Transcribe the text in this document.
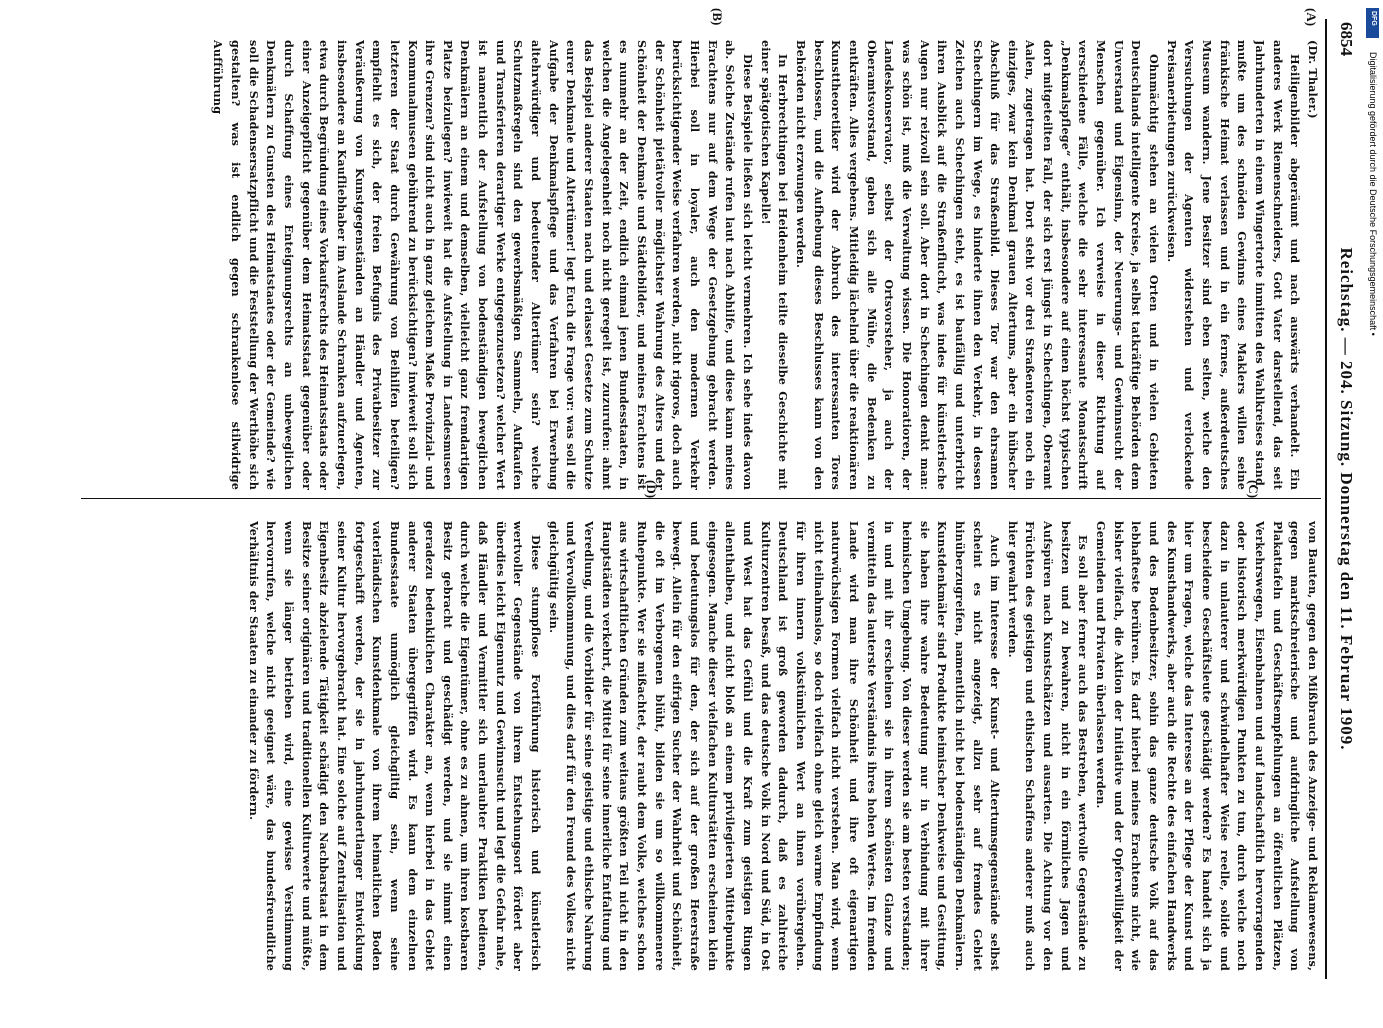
6854
Reichstag. — 204. Sitzung. Donnerstag den 11. Februar 1909.
(A)
(B)
(C)
(D)

(Dr. Thaler.)

Heiligenbilder abgeräumt und nach auswärts verhandelt. Ein anderes Werk Riemenschneiders, Gott Vater darstellend, das seit Jahrhunderten in einem Wingertorte inmitten des Wahlkreises stand, mußte um des schnöden Gewinns eines Maklers willen seine fränkische Heimat verlassen und in ein fernes, außerdeutsches Museum wandern. Jene Besitzer sind eben selten, welche den Versuchungen der Agenten widerstehen und verlockende Preisanerbietungen zurückweisen.

Ohnmächtig stehen an vielen Orten und in vielen Gebieten Deutschlands intelligente Kreise, ja selbst tatkräftige Behörden dem Unverstand und Eigensinn, der Neuerungs- und Gewinnsucht der Menschen gegenüber. Ich verweise in dieser Richtung auf verschiedene Fälle, welche die sehr interessante Monatsschrift „Denkmalspflege“ enthält, insbesondere auf einen höchst typischen dort mitgeteilten Fall, der sich erst jüngst in Schechingen, Oberamt Aalen, zugetragen hat. Dort steht vor drei Straßentoren noch ein einziges, zwar kein Denkmal grauen Altertums, aber ein hübscher Abschluß für das Straßenbild. Dieses Tor war den ehrsamen Schechingern im Wege, es hinderte ihnen den Verkehr, in dessen Zeichen auch Schechingen steht, es ist baufällig und unterbricht ihren Ausblick auf die Straßenflucht, was indes für künstlerische Augen nur reizvoll sein soll. Aber dort in Schechingen denkt man: was schön ist, muß die Verwaltung wissen. Die Honoratioren, der Landeskonservator, selbst der Ortsvorsteher, ja auch der Oberamtsvorstand, gaben sich alle Mühe, die Bedenken zu entkräften. Alles vergebens. Mitleidig lächelnd über die reaktionären Kunsttheoretiker wird der Abbruch des interessanten Tores beschlossen, und die Aufhebung dieses Beschlusses kann von den Behörden nicht erzwungen werden.

In Herbrechtingen bei Heidenheim teilte dieselbe Geschichte mit einer spätgotischen Kapelle!

Diese Beispiele ließen sich leicht vermehren. Ich sehe indes davon ab. Solche Zustände rufen laut nach Abhilfe, und diese kann meines Erachtens nur auf dem Wege der Gesetzgebung gebracht werden. Hierbei soll in loyaler, auch den modernen Verkehr berücksichtigender Weise verfahren werden, nicht rigoros, doch auch der Schönheit pietätvoller möglichster Wahrung des Alters und der Schönheit der Denkmale und Städtebilder, und meines Erachtens ist es nunmehr an der Zeit, endlich einmal jenen Bundesstaaten, in welchen die Angelegenheit noch nicht geregelt ist, zuzurufen: ahmt das Beispiel anderer Staaten nach und erlasset Gesetze zum Schutze eurer Denkmale und Altertümer! legt Euch die Frage vor: was soll die Aufgabe der Denkmalspflege und das Verfahren bei Erwerbung altehrwürdiger und bedeutender Altertümer sein? welche Schutzmaßregeln sind den gewerbsmäßigen Sammeln, Aufkaufen und Transferieren derartiger Werke entgegenzusetzen? welcher Wert ist namentlich der Aufstellung von bodenständigen beweglichen Denkmälern an einem und demselben, vielleicht ganz fremdartigen Platze beizulegen? inwieweit hat die Aufstellung in Landesmuseen ihre Grenzen? sind nicht auch in ganz gleichem Maße Provinzial- und Kommunalmuseen gebührend zu berücksichtigen? inwieweit soll sich letzteren der Staat durch Gewährung von Beihilfen beteiligen? empfiehlt es sich, der freien Befugnis des Privatbesitzer zur Veräußerung von Kunstgegenständen an Händler und Agenten, insbesondere an Kaufliebhaber im Auslande Schranken aufzuerlegen, etwa durch Begründung eines Vorkaufsrechts des Heimatsstaats oder einer Anzeigepflicht gegenüber dem Heimatsstaat gegenüber oder durch Schaffung eines Enteignungsrechts an unbeweglichen Denkmälern zu Gunsten des Heimatstaates oder der Gemeinde? wie soll die Schadensersatzpflicht und die Feststellung der Werthöhe sich gestalten? was ist endlich gegen schrankenlose stilwidrige Aufführung

von Bauten, gegen den Mißbrauch des Anzeige- und Reklamewesens, gegen marktschreierische und aufdringliche Aufstellung von Plakattafeln und Geschäftsempfehlungen an öffentlichen Plätzen, Verkehrswegen, Eisenbahnen und auf landschaftlich hervorragenden oder historisch merkwürdigen Punkten zu tun, durch welche noch dazu in unlauterer und schwindelhafter Weise reelle, solide und bescheidene Geschäftsleute geschädigt werden? Es handelt sich ja hier um Fragen, welche das Interesse an der Pflege der Kunst und des Kunsthandwerks, aber auch die Rechte des einfachen Handwerks und des Bodenbesitzer, sohin das ganze deutsche Volk auf das lebhafteste berühren. Es darf hierbei meines Erachtens nicht, wie bisher vielfach, die Aktion der Initiative und der Opferwilligkeit der Gemeinden und Privaten überlassen werden.

Es soll aber ferner auch das Bestreben, wertvolle Gegenstände zu besitzen und zu bewahren, nicht in ein förmliches Jagen und Aufspüren nach Kunstschätzen und ausarten. Die Achtung vor den Früchten des geistigen und ethischen Schaffens anderer muß auch hier gewahrt werden.

Auch im Interesse der Kunst- und Altertumsgegenstände selbst scheint es nicht angezeigt, allzu sehr auf fremdes Gebiet hinüberzugreifen, namentlich nicht bei bodenständigen Denkmälern. Kunstdenkmäler sind Produkte heimischer Denkweise und Gesittung, sie haben ihre wahre Bedeutung nur in Verbindung mit ihrer heimischen Umgebung. Von dieser werden sie am besten verstanden; in und mit ihr erscheinen sie in ihrem schönsten Glanze und vermitteln das lauterste Verständnis ihres hohen Wertes. Im fremden Lande wird man ihre Schönheit und ihre oft eigenartigen naturwüchsigen Formen vielfach nicht verstehen. Man wird, wenn nicht teilnahmslos, so doch vielfach ohne gleich warme Empfindung für ihren innern volkstümlichen Wert an ihnen vorübergehen. Deutschland ist groß geworden dadurch, daß es zahlreiche Kulturzentren besaß, und das deutsche Volk in Nord und Süd, in Ost und West hat das Gefühl und die Kraft zum geistigen Ringen allenthalben, und nicht bloß an einem privilegierten Mittelpunkte eingesogen. Manche dieser vielfachen Kulturstätten erscheinen klein und bedeutungslos für den, der sich auf der großen Heerstraße bewegt. Allein für den eifrigen Sucher der Wahrheit und Schönheit, die oft im Verborgenen blüht, bilden sie um so willkommenere Ruhepunkte. Wer sie mißachtet, der raubt dem Volke, welches schon aus wirtschaftlichen Gründen zum weitaus größten Teil nicht in den Hauptstädten verkehrt, die Mittel für seine innerliche Entfaltung und Veredlung, und die Vorbilder für seine geistige und ethische Nahrung und Vervollkommnung, und dies darf für den Freund des Volkes nicht gleichgültig sein.

Diese stumpflose Fortführung historisch und künstlerisch wertvoller Gegenstände von ihrem Entstehungsort fördert aber überdies leicht Eigennutz und Gewinnsucht und legt die Gefahr nahe, daß Händler und Vermittler sich unerlaubter Praktiken bedienen, durch welche die Eigentümer, ohne es zu ahnen, um ihren kostbaren Besitz gebracht und geschädigt werden, und sie nimmt einen geradezu bedenklichen Charakter an, wenn hierbei in das Gebiet anderer Staaten übergegriffen wird. Es kann dem einzelnen Bundesstaate unmöglich gleichgiltig sein, wenn seine vaterländischen Kunstdenkmale von ihrem heimatlichen Boden fortgeschafft werden, der sie in jahrhundertlanger Entwicklung seiner Kultur hervorgebracht hat. Eine solche auf Zentralisation und Eigenbesitz abzielende Tätigkeit schädigt den Nachbarstaat in dem Besitze seiner originären und traditionellen Kulturwerte und müßte, wenn sie länger betrieben wird, eine gewisse Verstimmung hervorrufen, welche nicht geeignet wäre, das bundesfreundliche Verhältnis der Staaten zu einander zu fördern.

DFG
Digitalisierung gefördert durch die Deutsche Forschungsgemeinschaft •
